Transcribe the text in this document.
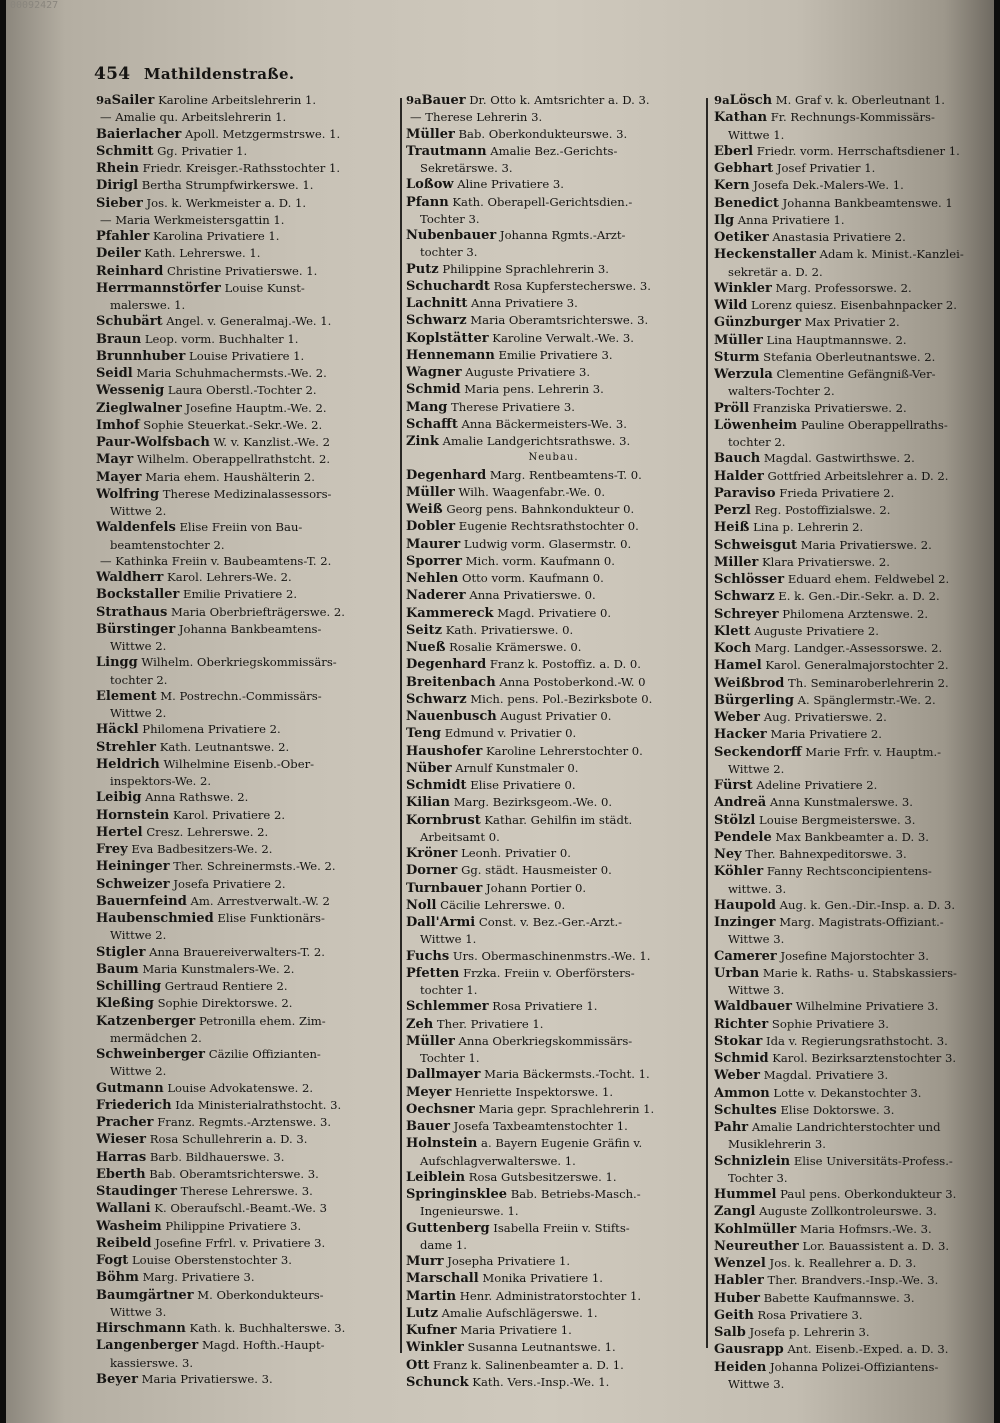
00092427
454 Mathildenstraße.
9aSailer Karoline Arbeitslehrerin 1.
— Amalie qu. Arbeitslehrerin 1.
Baierlacher Apoll. Metzgermstrswe. 1.
Schmitt Gg. Privatier 1.
Rhein Friedr. Kreisger.-Rathsstochter 1.
Dirigl Bertha Strumpfwirkerswe. 1.
Sieber Jos. k. Werkmeister a. D. 1.
— Maria Werkmeistersgattin 1.
Pfahler Karolina Privatiere 1.
Deiler Kath. Lehrerswe. 1.
Reinhard Christine Privatierswe. 1.
Herrmannstörfer Louise Kunst-
malerswe. 1.
Schubärt Angel. v. Generalmaj.-We. 1.
Braun Leop. vorm. Buchhalter 1.
Brunnhuber Louise Privatiere 1.
Seidl Maria Schuhmachermsts.-We. 2.
Wessenig Laura Oberstl.-Tochter 2.
Zieglwalner Josefine Hauptm.-We. 2.
Imhof Sophie Steuerkat.-Sekr.-We. 2.
Paur-Wolfsbach W. v. Kanzlist.-We. 2
Mayr Wilhelm. Oberappellrathstcht. 2.
Mayer Maria ehem. Haushälterin 2.
Wolfring Therese Medizinalassessors-
Wittwe 2.
Waldenfels Elise Freiin von Bau-
beamtenstochter 2.
— Kathinka Freiin v. Baubeamtens-T. 2.
Waldherr Karol. Lehrers-We. 2.
Bockstaller Emilie Privatiere 2.
Strathaus Maria Oberbriefträgerswe. 2.
Bürstinger Johanna Bankbeamtens-
Wittwe 2.
Lingg Wilhelm. Oberkriegskommissärs-
tochter 2.
Element M. Postrechn.-Commissärs-
Wittwe 2.
Häckl Philomena Privatiere 2.
Strehler Kath. Leutnantswe. 2.
Heldrich Wilhelmine Eisenb.-Ober-
inspektors-We. 2.
Leibig Anna Rathswe. 2.
Hornstein Karol. Privatiere 2.
Hertel Cresz. Lehrerswe. 2.
Frey Eva Badbesitzers-We. 2.
Heininger Ther. Schreinermsts.-We. 2.
Schweizer Josefa Privatiere 2.
Bauernfeind Am. Arrestverwalt.-W. 2
Haubenschmied Elise Funktionärs-
Wittwe 2.
Stigler Anna Brauereiverwalters-T. 2.
Baum Maria Kunstmalers-We. 2.
Schilling Gertraud Rentiere 2.
Kleßing Sophie Direktorswe. 2.
Katzenberger Petronilla ehem. Zim-
mermädchen 2.
Schweinberger Cäzilie Offizianten-
Wittwe 2.
Gutmann Louise Advokatenswe. 2.
Friederich Ida Ministerialrathstocht. 3.
Pracher Franz. Regmts.-Arztenswe. 3.
Wieser Rosa Schullehrerin a. D. 3.
Harras Barb. Bildhauerswe. 3.
Eberth Bab. Oberamtsrichterswe. 3.
Staudinger Therese Lehrerswe. 3.
Wallani K. Oberaufschl.-Beamt.-We. 3
Washeim Philippine Privatiere 3.
Reibeld Josefine Frfrl. v. Privatiere 3.
Fogt Louise Oberstenstochter 3.
Böhm Marg. Privatiere 3.
Baumgärtner M. Oberkondukteurs-
Wittwe 3.
Hirschmann Kath. k. Buchhalterswe. 3.
Langenberger Magd. Hofth.-Haupt-
kassierswe. 3.
Beyer Maria Privatierswe. 3.
9aBauer Dr. Otto k. Amtsrichter a. D. 3.
— Therese Lehrerin 3.
Müller Bab. Oberkondukteurswe. 3.
Trautmann Amalie Bez.-Gerichts-
Sekretärswe. 3.
Loßow Aline Privatiere 3.
Pfann Kath. Oberapell-Gerichtsdien.-
Tochter 3.
Nubenbauer Johanna Rgmts.-Arzt-
tochter 3.
Putz Philippine Sprachlehrerin 3.
Schuchardt Rosa Kupferstecherswe. 3.
Lachnitt Anna Privatiere 3.
Schwarz Maria Oberamtsrichterswe. 3.
Koplstätter Karoline Verwalt.-We. 3.
Hennemann Emilie Privatiere 3.
Wagner Auguste Privatiere 3.
Schmid Maria pens. Lehrerin 3.
Mang Therese Privatiere 3.
Schafft Anna Bäckermeisters-We. 3.
Zink Amalie Landgerichtsrathswe. 3.
Neubau.
Degenhard Marg. Rentbeamtens-T. 0.
Müller Wilh. Waagenfabr.-We. 0.
Weiß Georg pens. Bahnkondukteur 0.
Dobler Eugenie Rechtsrathstochter 0.
Maurer Ludwig vorm. Glasermstr. 0.
Sporrer Mich. vorm. Kaufmann 0.
Nehlen Otto vorm. Kaufmann 0.
Naderer Anna Privatierswe. 0.
Kammereck Magd. Privatiere 0.
Seitz Kath. Privatierswe. 0.
Nueß Rosalie Krämerswe. 0.
Degenhard Franz k. Postoffiz. a. D. 0.
Breitenbach Anna Postoberkond.-W. 0
Schwarz Mich. pens. Pol.-Bezirksbote 0.
Nauenbusch August Privatier 0.
Teng Edmund v. Privatier 0.
Haushofer Karoline Lehrerstochter 0.
Nüber Arnulf Kunstmaler 0.
Schmidt Elise Privatiere 0.
Kilian Marg. Bezirksgeom.-We. 0.
Kornbrust Kathar. Gehilfin im städt.
Arbeitsamt 0.
Kröner Leonh. Privatier 0.
Dorner Gg. städt. Hausmeister 0.
Turnbauer Johann Portier 0.
Noll Cäcilie Lehrerswe. 0.
Dall'Armi Const. v. Bez.-Ger.-Arzt.-
Wittwe 1.
Fuchs Urs. Obermaschinenmstrs.-We. 1.
Pfetten Frzka. Freiin v. Oberförsters-
tochter 1.
Schlemmer Rosa Privatiere 1.
Zeh Ther. Privatiere 1.
Müller Anna Oberkriegskommissärs-
Tochter 1.
Dallmayer Maria Bäckermsts.-Tocht. 1.
Meyer Henriette Inspektorswe. 1.
Oechsner Maria gepr. Sprachlehrerin 1.
Bauer Josefa Taxbeamtenstochter 1.
Holnstein a. Bayern Eugenie Gräfin v.
Aufschlagverwalterswe. 1.
Leiblein Rosa Gutsbesitzerswe. 1.
Springinsklee Bab. Betriebs-Masch.-
Ingenieurswe. 1.
Guttenberg Isabella Freiin v. Stifts-
dame 1.
Murr Josepha Privatiere 1.
Marschall Monika Privatiere 1.
Martin Henr. Administratorstochter 1.
Lutz Amalie Aufschlägerswe. 1.
Kufner Maria Privatiere 1.
Winkler Susanna Leutnantswe. 1.
Ott Franz k. Salinenbeamter a. D. 1.
Schunck Kath. Vers.-Insp.-We. 1.
9aLösch M. Graf v. k. Oberleutnant 1.
Kathan Fr. Rechnungs-Kommissärs-
Wittwe 1.
Eberl Friedr. vorm. Herrschaftsdiener 1.
Gebhart Josef Privatier 1.
Kern Josefa Dek.-Malers-We. 1.
Benedict Johanna Bankbeamtenswe. 1
Ilg Anna Privatiere 1.
Oetiker Anastasia Privatiere 2.
Heckenstaller Adam k. Minist.-Kanzlei-
sekretär a. D. 2.
Winkler Marg. Professorswe. 2.
Wild Lorenz quiesz. Eisenbahnpacker 2.
Günzburger Max Privatier 2.
Müller Lina Hauptmannswe. 2.
Sturm Stefania Oberleutnantswe. 2.
Werzula Clementine Gefängniß-Ver-
walters-Tochter 2.
Pröll Franziska Privatierswe. 2.
Löwenheim Pauline Oberappellraths-
tochter 2.
Bauch Magdal. Gastwirthswe. 2.
Halder Gottfried Arbeitslehrer a. D. 2.
Paraviso Frieda Privatiere 2.
Perzl Reg. Postoffizialswe. 2.
Heiß Lina p. Lehrerin 2.
Schweisgut Maria Privatierswe. 2.
Miller Klara Privatierswe. 2.
Schlösser Eduard ehem. Feldwebel 2.
Schwarz E. k. Gen.-Dir.-Sekr. a. D. 2.
Schreyer Philomena Arztenswe. 2.
Klett Auguste Privatiere 2.
Koch Marg. Landger.-Assessorswe. 2.
Hamel Karol. Generalmajorstochter 2.
Weißbrod Th. Seminaroberlehrerin 2.
Bürgerling A. Spänglermstr.-We. 2.
Weber Aug. Privatierswe. 2.
Hacker Maria Privatiere 2.
Seckendorff Marie Frfr. v. Hauptm.-
Wittwe 2.
Fürst Adeline Privatiere 2.
Andreä Anna Kunstmalerswe. 3.
Stölzl Louise Bergmeisterswe. 3.
Pendele Max Bankbeamter a. D. 3.
Ney Ther. Bahnexpeditorswe. 3.
Köhler Fanny Rechtsconcipientens-
wittwe. 3.
Haupold Aug. k. Gen.-Dir.-Insp. a. D. 3.
Inzinger Marg. Magistrats-Offiziant.-
Wittwe 3.
Camerer Josefine Majorstochter 3.
Urban Marie k. Raths- u. Stabskassiers-
Wittwe 3.
Waldbauer Wilhelmine Privatiere 3.
Richter Sophie Privatiere 3.
Stokar Ida v. Regierungsrathstocht. 3.
Schmid Karol. Bezirksarztenstochter 3.
Weber Magdal. Privatiere 3.
Ammon Lotte v. Dekanstochter 3.
Schultes Elise Doktorswe. 3.
Pahr Amalie Landrichterstochter und
Musiklehrerin 3.
Schnizlein Elise Universitäts-Profess.-
Tochter 3.
Hummel Paul pens. Oberkondukteur 3.
Zangl Auguste Zollkontroleurswe. 3.
Kohlmüller Maria Hofmsrs.-We. 3.
Neureuther Lor. Bauassistent a. D. 3.
Wenzel Jos. k. Reallehrer a. D. 3.
Habler Ther. Brandvers.-Insp.-We. 3.
Huber Babette Kaufmannswe. 3.
Geith Rosa Privatiere 3.
Salb Josefa p. Lehrerin 3.
Gausrapp Ant. Eisenb.-Exped. a. D. 3.
Heiden Johanna Polizei-Offiziantens-
Wittwe 3.
